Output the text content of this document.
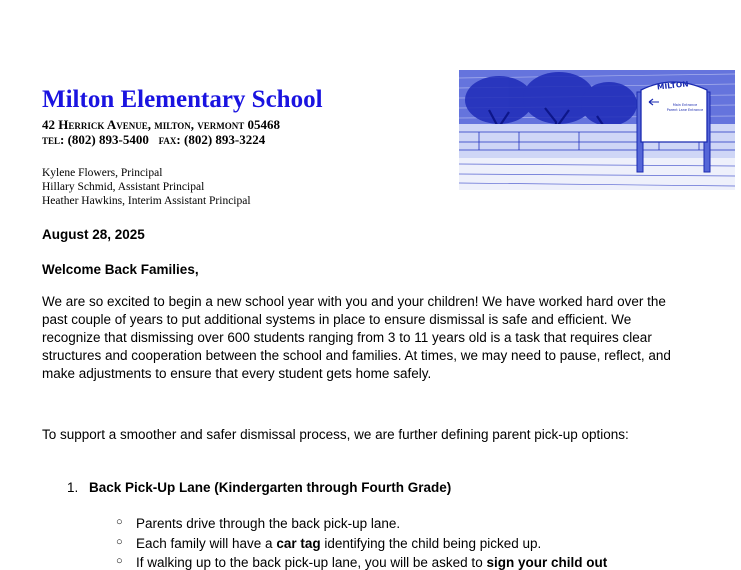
Milton Elementary School
42 Herrick Avenue, milton, vermont 05468
tel: (802) 893-5400 fax: (802) 893-3224
Kylene Flowers, Principal
Hillary Schmid, Assistant Principal
Heather Hawkins, Interim Assistant Principal
MILTON
Main Entrance
Parent Lane Entrance
August 28, 2025
Welcome Back Families,
We are so excited to begin a new school year with you and your children! We have worked hard over the past couple of years to put additional systems in place to ensure dismissal is safe and efficient. We recognize that dismissing over 600 students ranging from 3 to 11 years old is a task that requires clear structures and cooperation between the school and families. At times, we may need to pause, reflect, and make adjustments to ensure that every student gets home safely.
To support a smoother and safer dismissal process, we are further defining parent pick-up options:
1. Back Pick-Up Lane (Kindergarten through Fourth Grade)
○ Parents drive through the back pick-up lane.
○ Each family will have a car tag identifying the child being picked up.
○ If walking up to the back pick-up lane, you will be asked to sign your child out
